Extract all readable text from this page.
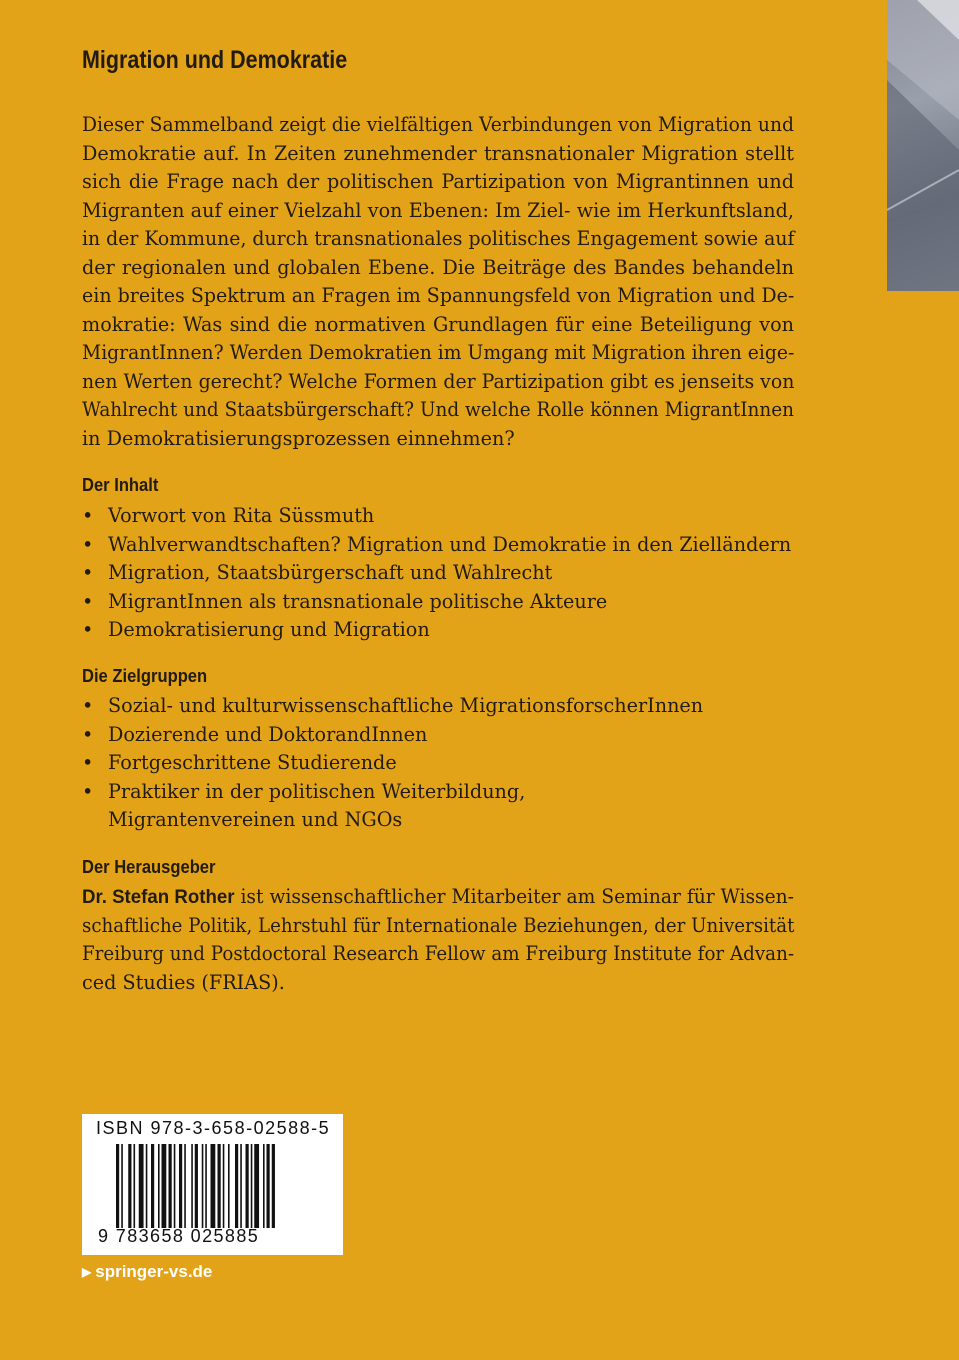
Migration und Demokratie
Dieser Sammelband zeigt die vielfältigen Verbindungen von Migration und
Demokratie auf. In Zeiten zunehmender transnationaler Migration stellt
sich die Frage nach der politischen Partizipation von Migrantinnen und
Migranten auf einer Vielzahl von Ebenen: Im Ziel- wie im Herkunftsland,
in der Kommune, durch transnationales politisches Engagement sowie auf
der regionalen und globalen Ebene. Die Beiträge des Bandes behandeln
ein breites Spektrum an Fragen im Spannungsfeld von Migration und De-
mokratie: Was sind die normativen Grundlagen für eine Beteiligung von
MigrantInnen? Werden Demokratien im Umgang mit Migration ihren eige-
nen Werten gerecht? Welche Formen der Partizipation gibt es jenseits von
Wahlrecht und Staatsbürgerschaft? Und welche Rolle können MigrantInnen
in Demokratisierungsprozessen einnehmen?
Der Inhalt
• Vorwort von Rita Süssmuth
• Wahlverwandtschaften? Migration und Demokratie in den Zielländern
• Migration, Staatsbürgerschaft und Wahlrecht
• MigrantInnen als transnationale politische Akteure
• Demokratisierung und Migration
Die Zielgruppen
• Sozial- und kulturwissenschaftliche MigrationsforscherInnen
• Dozierende und DoktorandInnen
• Fortgeschrittene Studierende
• Praktiker in der politischen Weiterbildung,
Migrantenvereinen und NGOs
Der Herausgeber
Dr. Stefan Rother ist wissenschaftlicher Mitarbeiter am Seminar für Wissen-
schaftliche Politik, Lehrstuhl für Internationale Beziehungen, der Universität
Freiburg und Postdoctoral Research Fellow am Freiburg Institute for Advan-
ced Studies (FRIAS).
ISBN 978-3-658-02588-5
9 783658 025885
▶ springer-vs.de
